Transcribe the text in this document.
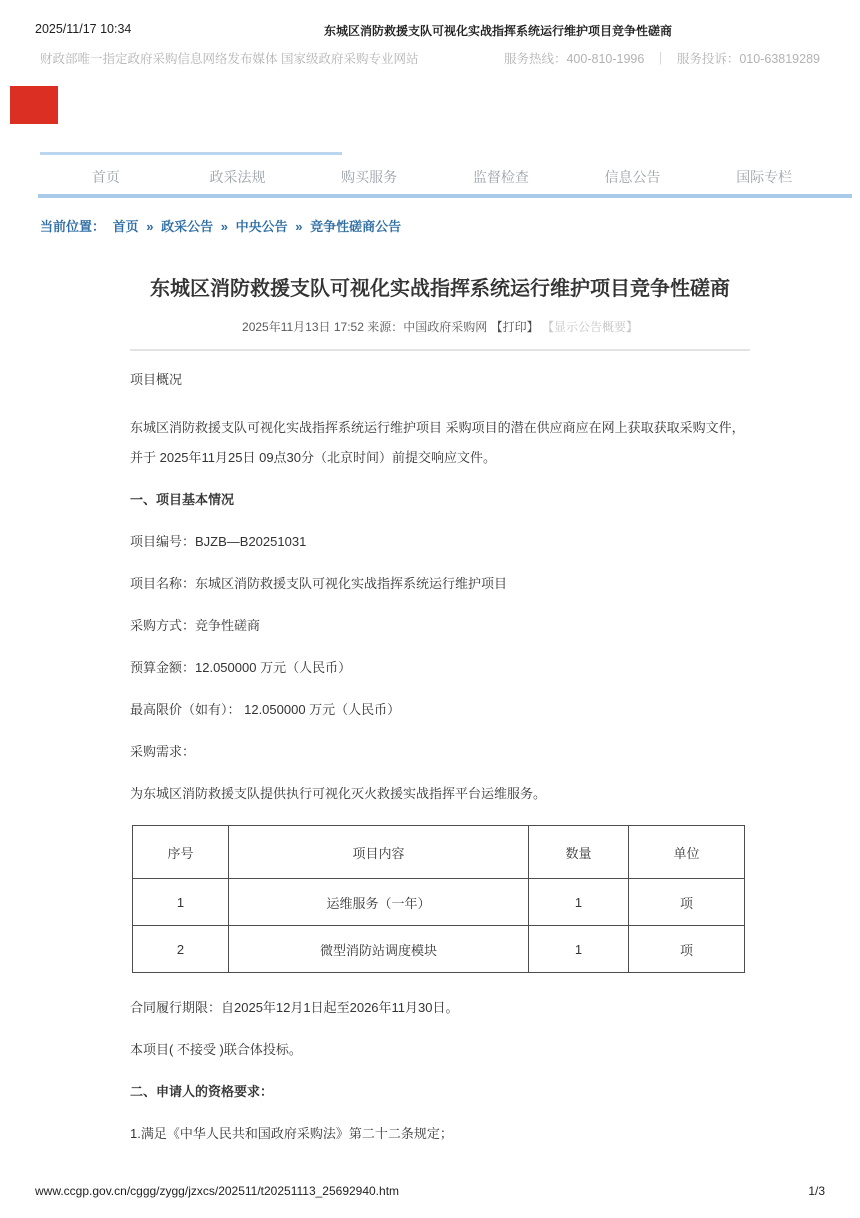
2025/11/17 10:34	东城区消防救援支队可视化实战指挥系统运行维护项目竞争性磋商
财政部唯一指定政府采购信息网络发布媒体 国家级政府采购专业网站	服务热线：400-810-1996 ｜ 服务投诉：010-63819289
首页	政采法规	购买服务	监督检查	信息公告	国际专栏
当前位置： 首页 » 政采公告 » 中央公告 » 竞争性磋商公告
东城区消防救援支队可视化实战指挥系统运行维护项目竞争性磋商
2025年11月13日 17:52 来源：中国政府采购网 【打印】 【显示公告概要】

项目概况

东城区消防救援支队可视化实战指挥系统运行维护项目 采购项目的潜在供应商应在网上获取获取采购文件，并于 2025年11月25日 09点30分（北京时间）前提交响应文件。

一、项目基本情况

项目编号：BJZB—B20251031

项目名称：东城区消防救援支队可视化实战指挥系统运行维护项目

采购方式：竞争性磋商

预算金额：12.050000 万元（人民币）

最高限价（如有）： 12.050000 万元（人民币）

采购需求：

为东城区消防救援支队提供执行可视化灭火救援实战指挥平台运维服务。

序号	项目内容	数量	单位
1	运维服务（一年）	1	项
2	微型消防站调度模块	1	项

合同履行期限：自2025年12月1日起至2026年11月30日。

本项目( 不接受 )联合体投标。

二、申请人的资格要求：

1.满足《中华人民共和国政府采购法》第二十二条规定；

www.ccgp.gov.cn/cggg/zygg/jzxcs/202511/t20251113_25692940.htm	1/3
